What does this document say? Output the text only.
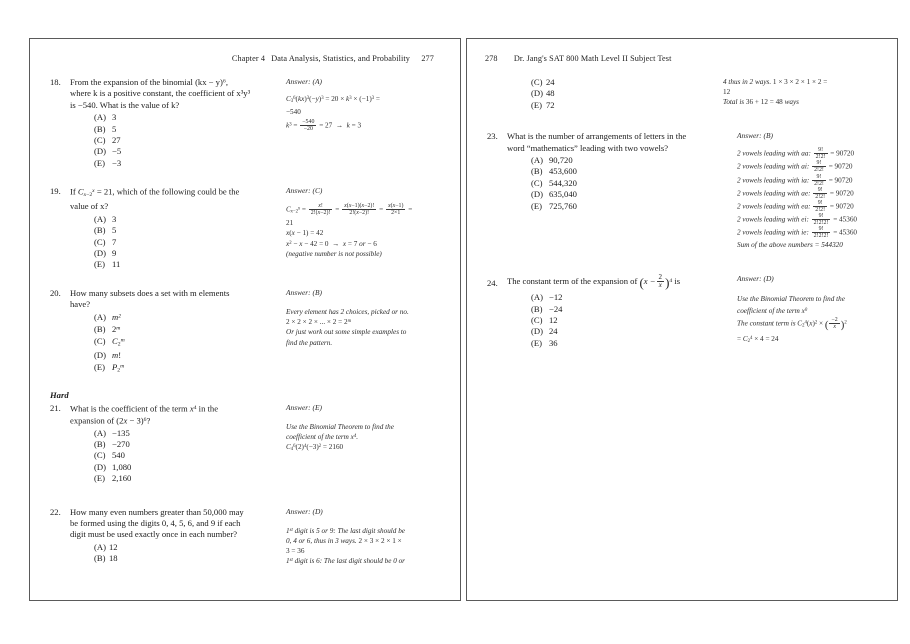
Chapter 4 Data Analysis, Statistics, and Probability 277
18.	From the expansion of the binomial (kx − y)⁶,
where k is a positive constant, the coefficient of x³y³
is −540. What is the value of k?
(A) 3
(B) 5
(C) 27
(D) −5
(E) −3
Answer: (A)
$C_3^6(kx)^3(-y)^3 = 20 \times k^3 \times (-1)^3$ =
−540
$k^3 = \frac{-540}{-20} = 27 \to k = 3$
19.	If $C_{x-2}^x = 21$, which of the following could be the
value of x?
(A) 3
(B) 5
(C) 7
(D) 9
(E) 11
Answer: (C)
$C_{x-2}^x = \frac{x!}{2!(x-2)!} = \frac{x(x-1)(x-2)!}{2!(x-2)!} = \frac{x(x-1)}{2\times 1}$ =
21
x(x − 1) = 42
$x^2 - x - 42 = 0 \to x = 7$ or − 6
(negative number is not possible)
20.	How many subsets does a set with m elements
have?
(A) $m^2$
(B) 2$^m$
(C) $C_2^m$
(D) m!
(E) $P_2^m$
Answer: (B)
Every element has 2 choices, picked or no.
2 × 2 × 2 × ... × $2 = 2^m$
Or just work out some simple examples to
find the pattern.
Hard
21.	What is the coefficient of the term $x^4$ in the
expansion of $(2x - 3)^6$?
(A) −135
(B) −270
(C) 540
(D) 1,080
(E) 2,160
Answer: (E)
Use the Binomial Theorem to find the
coefficient of the term $x^4$.
$C_4^6(2)^4(-3)^2 = 2160$
22.	How many even numbers greater than 50,000 may
be formed using the digits 0, 4, 5, 6, and 9 if each
digit must be used exactly once in each number?
(A) 12
(B) 18
Answer: (D)
1st digit is 5 or 9: The last digit should be
0, 4 or 6, thus in 3 ways. 2 × 3 × 2 × 1 ×
3 = 36
1st digit is 6: The last digit should be 0 or
278 Dr. Jang's SAT 800 Math Level II Subject Test
(C) 24
(D) 48
(E) 72
4 thus in 2 ways. 1 × 3 × 2 × 1 × 2 =
12
Total is 36 + 12 = 48 ways
23.	What is the number of arrangements of letters in the
word “mathematics” leading with two vowels?
(A) 90,720
(B) 453,600
(C) 544,320
(D) 635,040
(E) 725,760
Answer: (B)
2 vowels leading with aa: $\frac{9!}{2!2!} = 90720$
2 vowels leading with ai: $\frac{9!}{2!2!} = 90720$
2 vowels leading with ia: $\frac{9!}{2!2!} = 90720$
2 vowels leading with ae: $\frac{9!}{2!2!} = 90720$
2 vowels leading with ea: $\frac{9!}{2!2!} = 90720$
2 vowels leading with ei: $\frac{9!}{2!2!2!} = 45360$
2 vowels leading with ie: $\frac{9!}{2!2!2!} = 45360$
Sum of the above numbers = 544320
24.	The constant term of the expansion of $(x - \frac{2}{x} )^4$ is
(A) −12
(B) −24
(C) 12
(D) 24
(E) 36
Answer: (D)
Use the Binomial Theorem to find the
coefficient of the term $x^0$
The constant term is $C_2^4(x)^2$ × ( $\frac{-2}{x} )^2$
= $C_2^4 \times 4 = 24$
